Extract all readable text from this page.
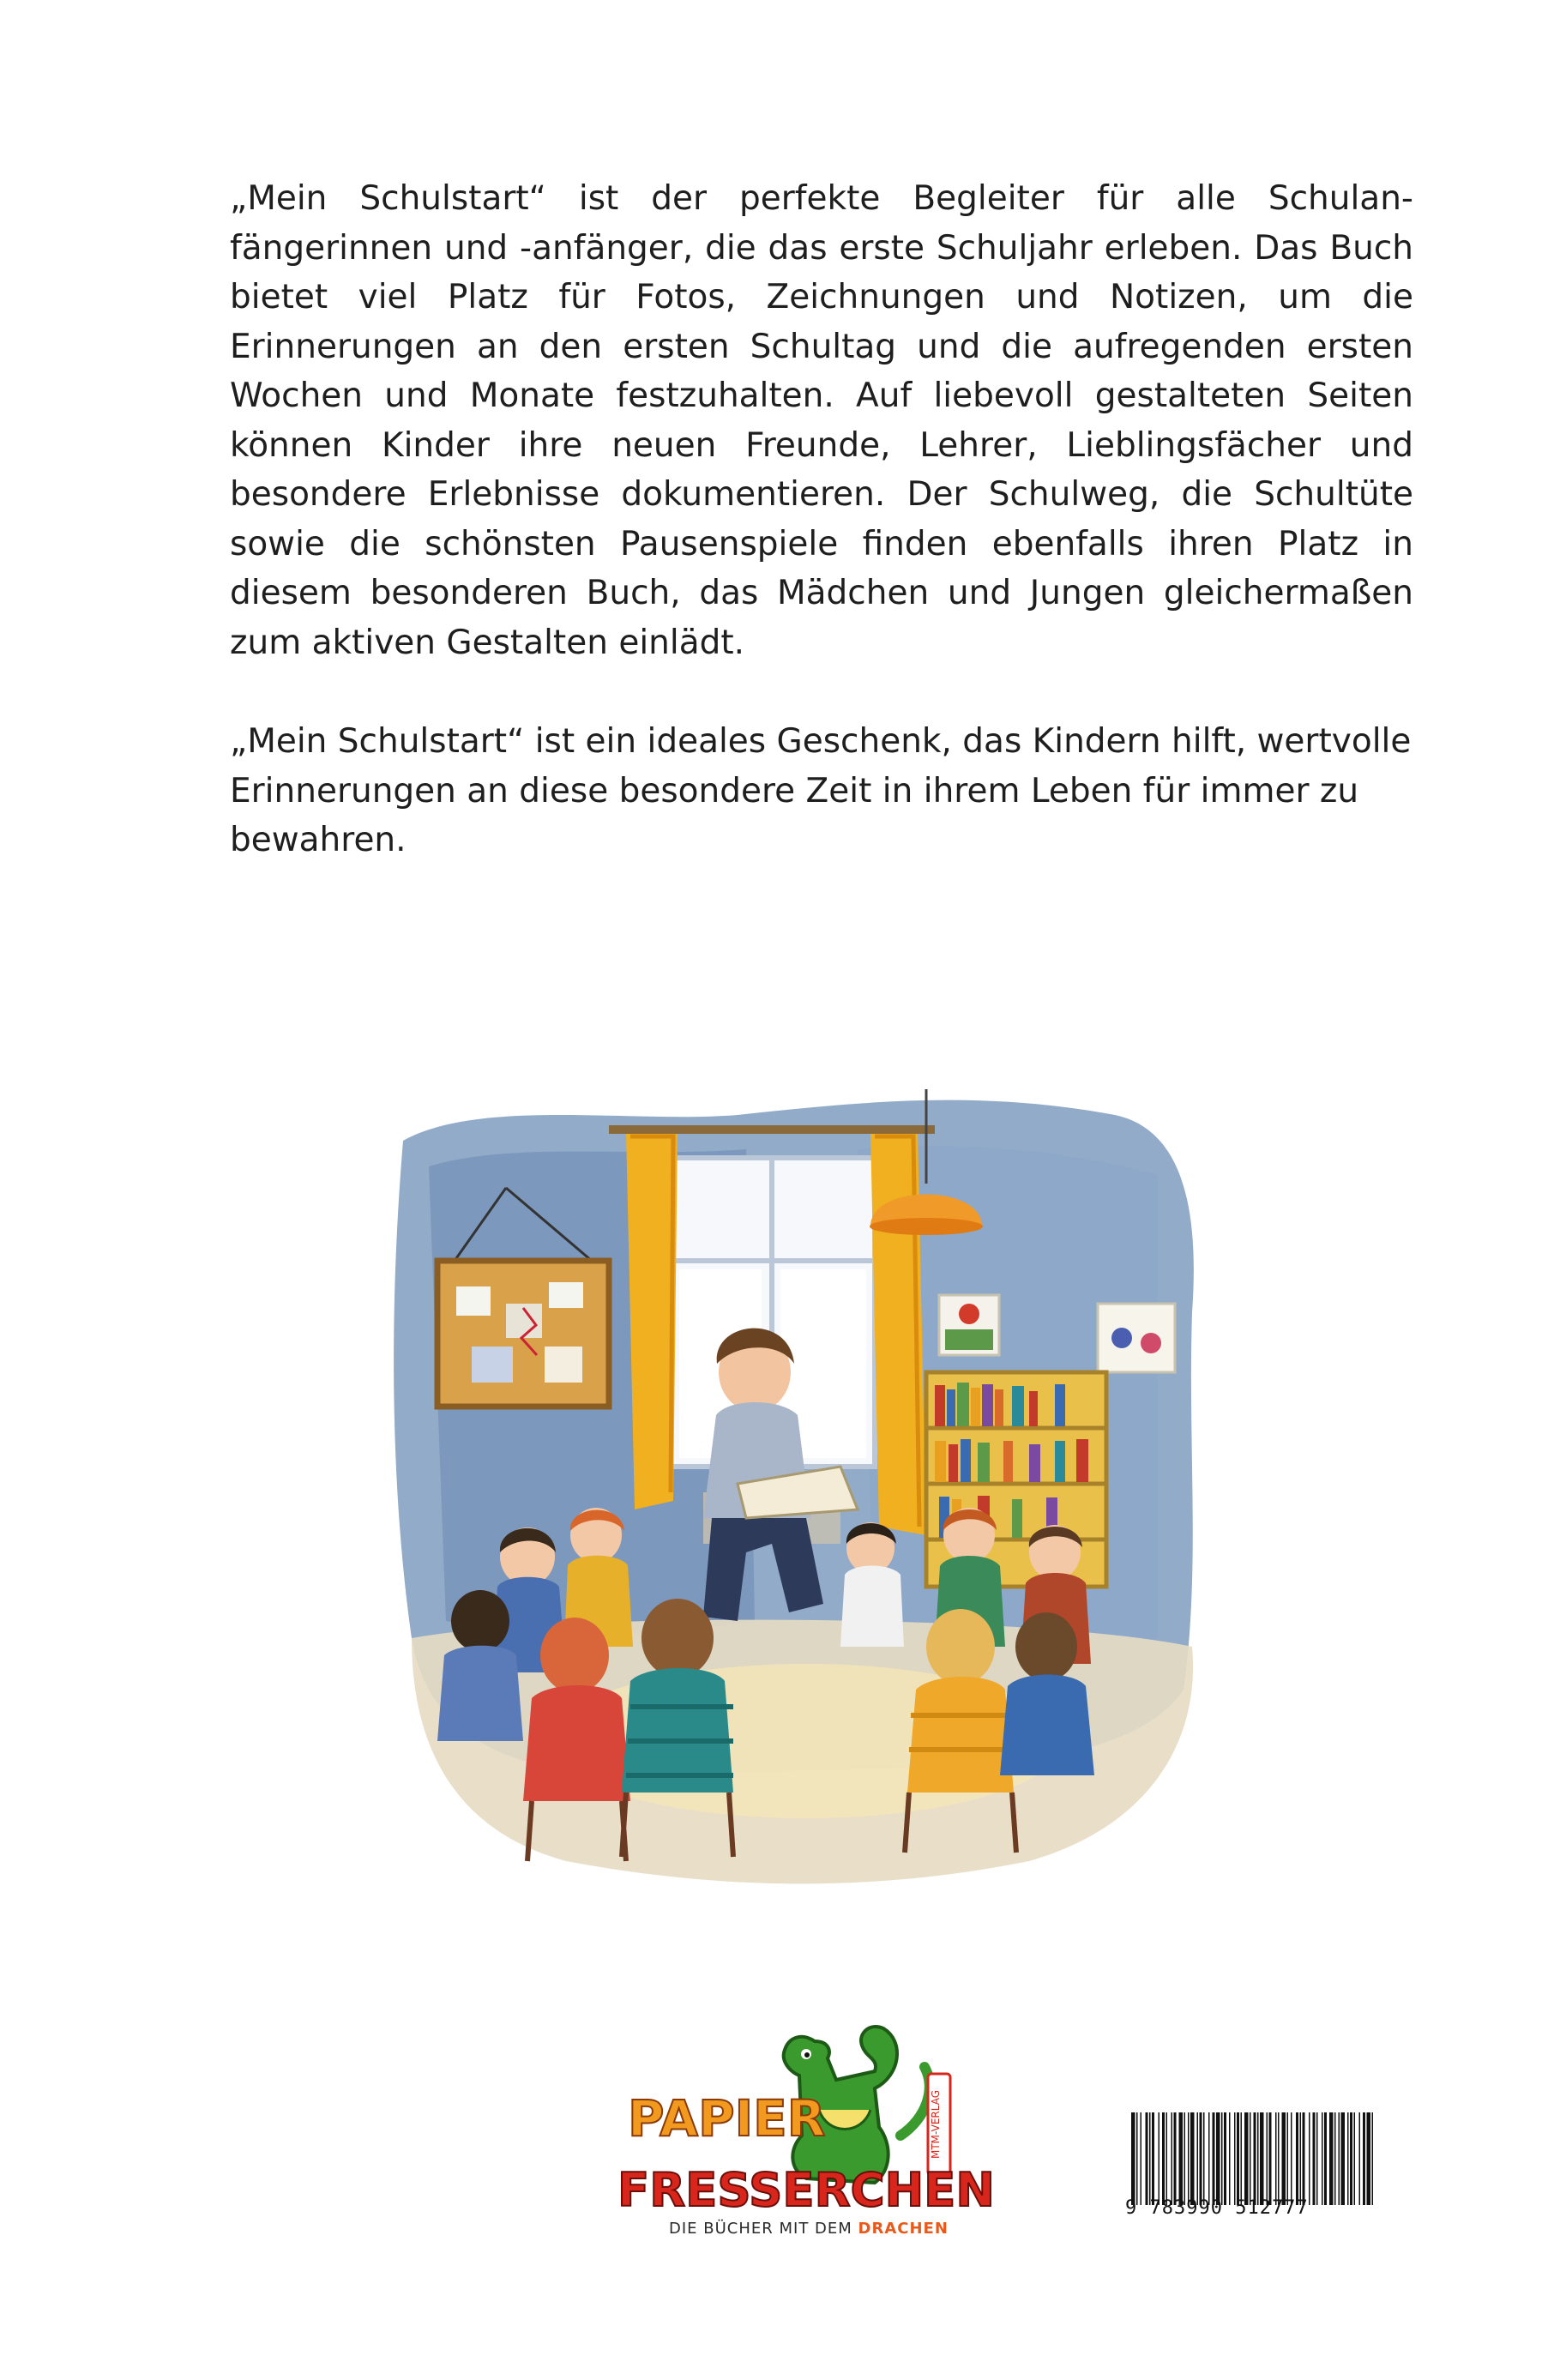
„Mein Schulstart“ ist der perfekte Begleiter für alle Schulanfängerinnen und -anfänger, die das erste Schuljahr erleben. Das Buch bietet viel Platz für Fotos, Zeichnungen und Notizen, um die Erinnerungen an den ersten Schultag und die aufregenden ersten Wochen und Monate festzuhalten. Auf liebevoll gestalteten Seiten können Kinder ihre neuen Freunde, Lehrer, Lieblingsfächer und besondere Erlebnisse dokumentieren. Der Schulweg, die Schultüte sowie die schönsten Pausenspiele finden ebenfalls ihren Platz in diesem besonderen Buch, das Mädchen und Jungen gleichermaßen zum aktiven Gestalten einlädt.

„Mein Schulstart“ ist ein ideales Geschenk, das Kindern hilft, wertvolle Erinnerungen an diese besondere Zeit in ihrem Leben für immer zu bewahren.

MTM-VERLAG
PAPIER
FRESSERCHEN
DIE BÜCHER MIT DEM DRACHEN
9 783990 512777
